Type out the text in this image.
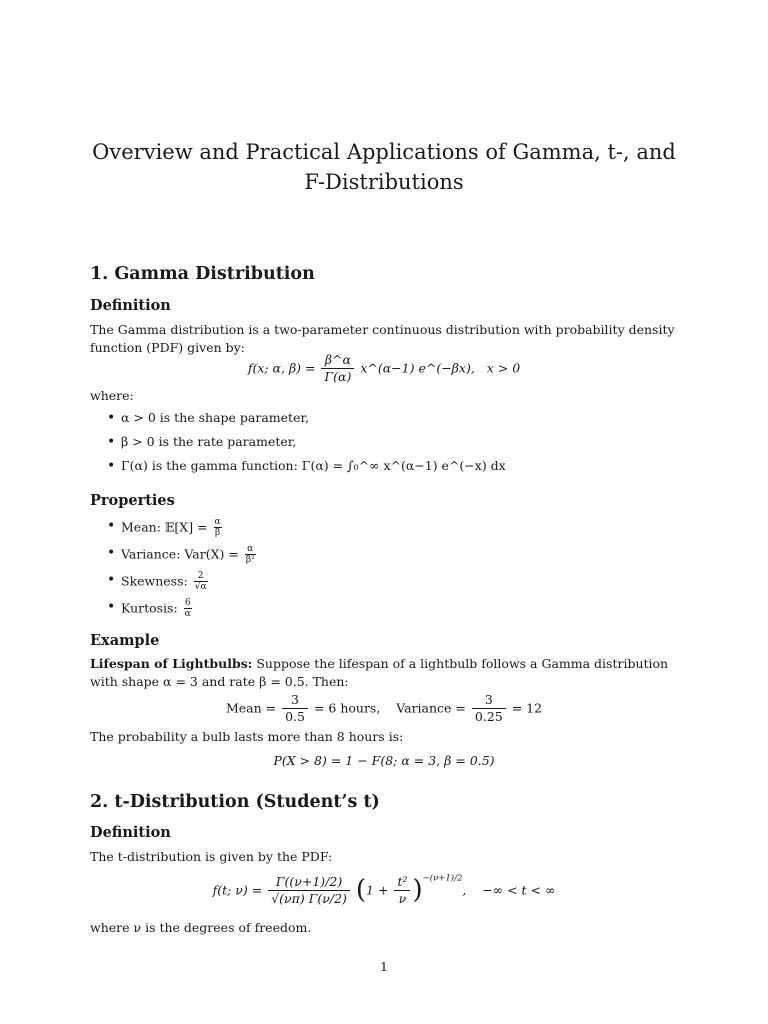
Overview and Practical Applications of Gamma, t-, and
F-Distributions
1. Gamma Distribution
Definition
The Gamma distribution is a two-parameter continuous distribution with probability density function (PDF) given by:
f(x; α, $\beta) = \frac{\beta\^{}\alpha}{\Gamma(\alpha)}$ x^(α−1) e^(−βx), x > 0
where:
• α > 0 is the shape parameter,
• β > 0 is the rate parameter,
• Γ(α) is the gamma function: Γ(α) = ∫₀^∞ x^(α−1) e^(−x) dx
Properties
• Mean: 𝔼[X] = $\frac{\alpha}{\beta}$
• Variance: $Var(X) = \frac{\alpha}{\text{β²}}$
• Skewness: $\frac{2}{√\alpha}$
• Kurtosis: $\frac{6}{\alpha}$
Example
Lifespan of Lightbulbs: Suppose the lifespan of a lightbulb follows a Gamma distribution with shape α = 3 and rate β = 0.5. Then:
Mean = $\frac{3}{0.5} = 6$ hours, Variance = $\frac{3}{0.25} = 12$
The probability a bulb lasts more than 8 hours is:
P(X > 8) = 1 − F(8; α = 3, β = 0.5)
2. t-Distribution (Student’s t)
Definition
The t-distribution is given by the PDF:
f(t; $\nu) = \frac{\Gamma((\nu+1)/2)}{√(\nu\pi) \Gamma(\nu/2)} (1 + \frac{\text{t²}}{\nu} )^{-(\nu+1)/2}$,    −∞ < t < ∞
where ν is the degrees of freedom.
1
